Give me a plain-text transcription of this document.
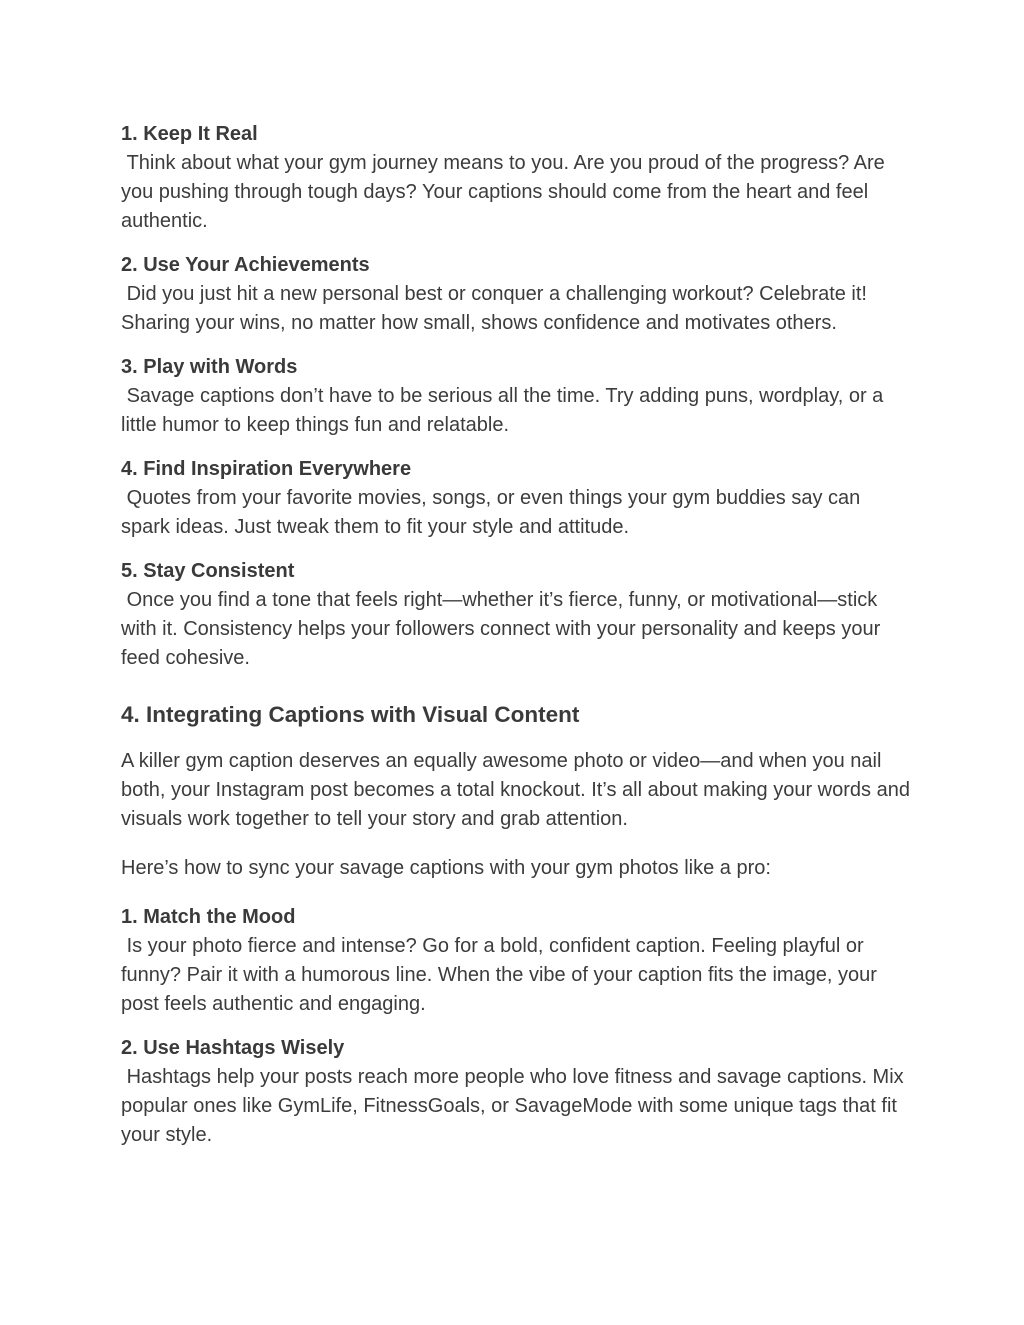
1. Keep It Real
Think about what your gym journey means to you. Are you proud of the progress? Are you pushing through tough days? Your captions should come from the heart and feel authentic.
2. Use Your Achievements
Did you just hit a new personal best or conquer a challenging workout? Celebrate it! Sharing your wins, no matter how small, shows confidence and motivates others.
3. Play with Words
Savage captions don’t have to be serious all the time. Try adding puns, wordplay, or a little humor to keep things fun and relatable.
4. Find Inspiration Everywhere
Quotes from your favorite movies, songs, or even things your gym buddies say can spark ideas. Just tweak them to fit your style and attitude.
5. Stay Consistent
Once you find a tone that feels right—whether it’s fierce, funny, or motivational—stick with it. Consistency helps your followers connect with your personality and keeps your feed cohesive.
4. Integrating Captions with Visual Content
A killer gym caption deserves an equally awesome photo or video—and when you nail both, your Instagram post becomes a total knockout. It’s all about making your words and visuals work together to tell your story and grab attention.
Here’s how to sync your savage captions with your gym photos like a pro:
1. Match the Mood
Is your photo fierce and intense? Go for a bold, confident caption. Feeling playful or funny? Pair it with a humorous line. When the vibe of your caption fits the image, your post feels authentic and engaging.
2. Use Hashtags Wisely
Hashtags help your posts reach more people who love fitness and savage captions. Mix popular ones like GymLife, FitnessGoals, or SavageMode with some unique tags that fit your style.
